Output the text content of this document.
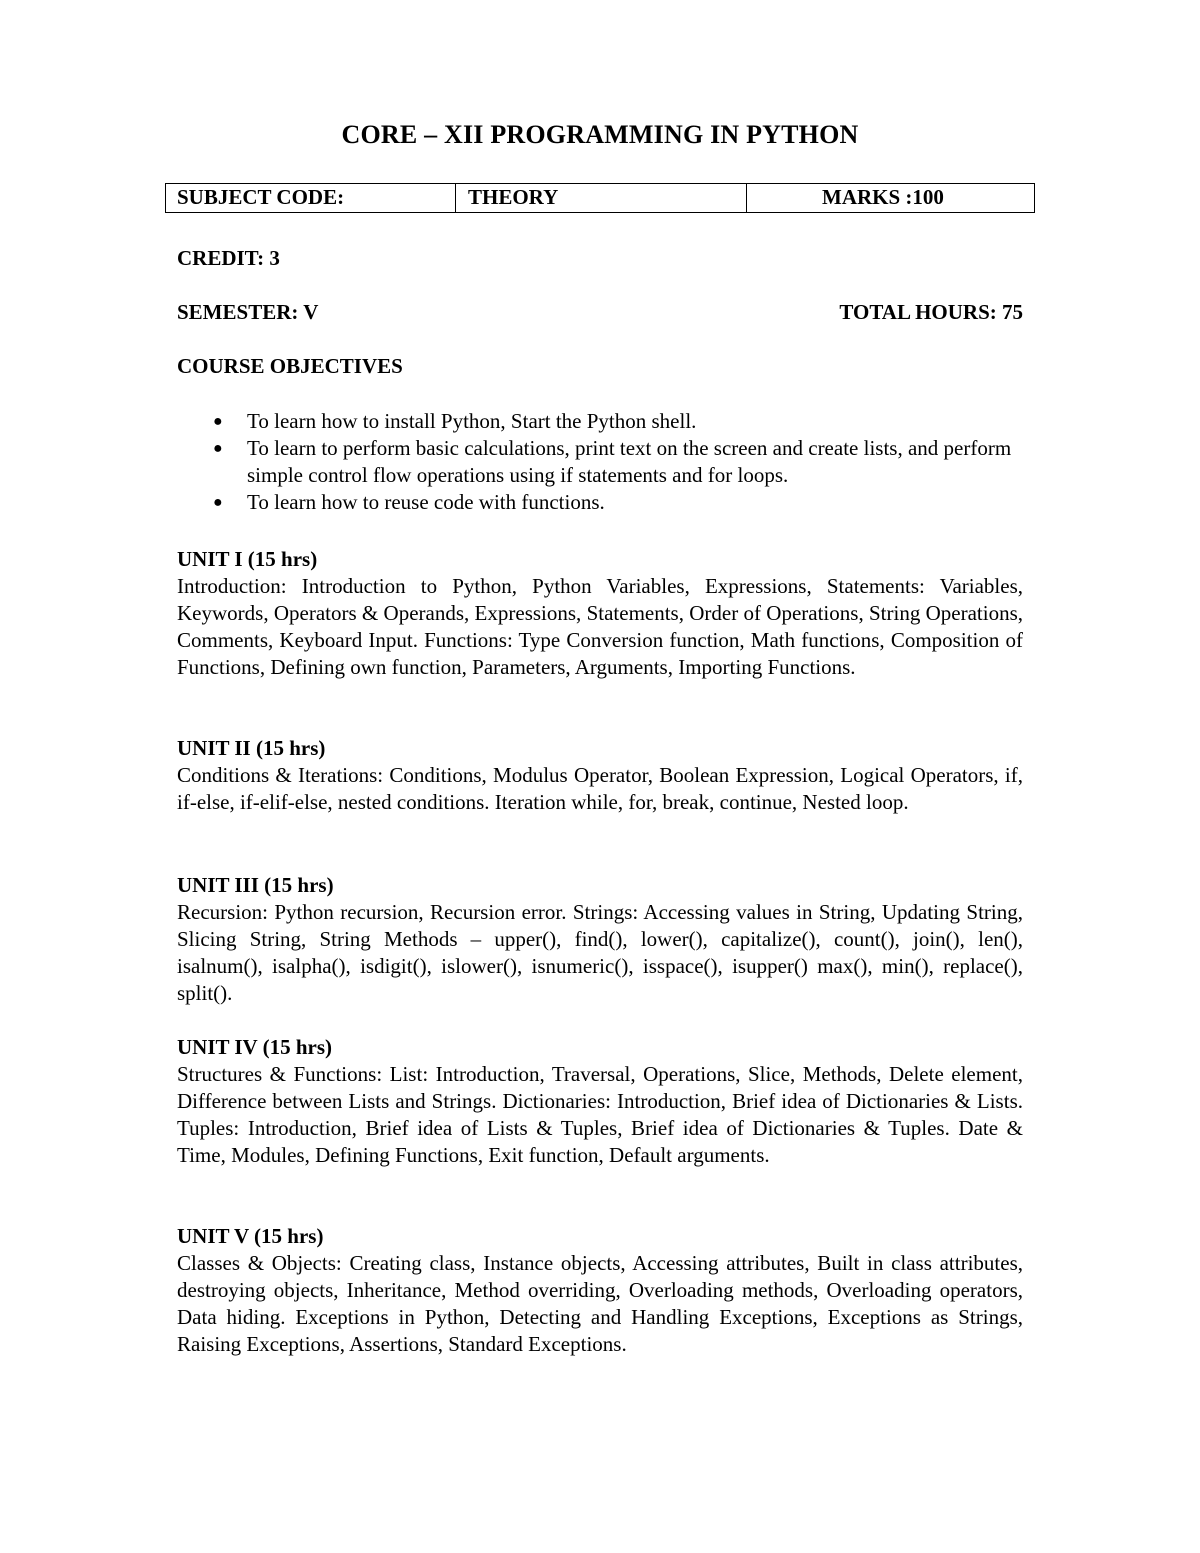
CORE – XII PROGRAMMING IN PYTHON
SUBJECT CODE:	THEORY	MARKS :100
CREDIT: 3
SEMESTER: V	TOTAL HOURS: 75
COURSE OBJECTIVES
● To learn how to install Python, Start the Python shell.
● To learn to perform basic calculations, print text on the screen and create lists, and perform simple control flow operations using if statements and for loops.
● To learn how to reuse code with functions.
UNIT I (15 hrs)
Introduction: Introduction to Python, Python Variables, Expressions, Statements: Variables, Keywords, Operators & Operands, Expressions, Statements, Order of Operations, String Operations, Comments, Keyboard Input. Functions: Type Conversion function, Math functions, Composition of Functions, Defining own function, Parameters, Arguments, Importing Functions.
UNIT II (15 hrs)
Conditions & Iterations: Conditions, Modulus Operator, Boolean Expression, Logical Operators, if, if-else, if-elif-else, nested conditions. Iteration while, for, break, continue, Nested loop.
UNIT III (15 hrs)
Recursion: Python recursion, Recursion error. Strings: Accessing values in String, Updating String, Slicing String, String Methods – upper(), find(), lower(), capitalize(), count(), join(), len(), isalnum(), isalpha(), isdigit(), islower(), isnumeric(), isspace(), isupper() max(), min(), replace(), split().
UNIT IV (15 hrs)
Structures & Functions: List: Introduction, Traversal, Operations, Slice, Methods, Delete element, Difference between Lists and Strings. Dictionaries: Introduction, Brief idea of Dictionaries & Lists. Tuples: Introduction, Brief idea of Lists & Tuples, Brief idea of Dictionaries & Tuples. Date & Time, Modules, Defining Functions, Exit function, Default arguments.
UNIT V (15 hrs)
Classes & Objects: Creating class, Instance objects, Accessing attributes, Built in class attributes, destroying objects, Inheritance, Method overriding, Overloading methods, Overloading operators, Data hiding. Exceptions in Python, Detecting and Handling Exceptions, Exceptions as Strings, Raising Exceptions, Assertions, Standard Exceptions.
